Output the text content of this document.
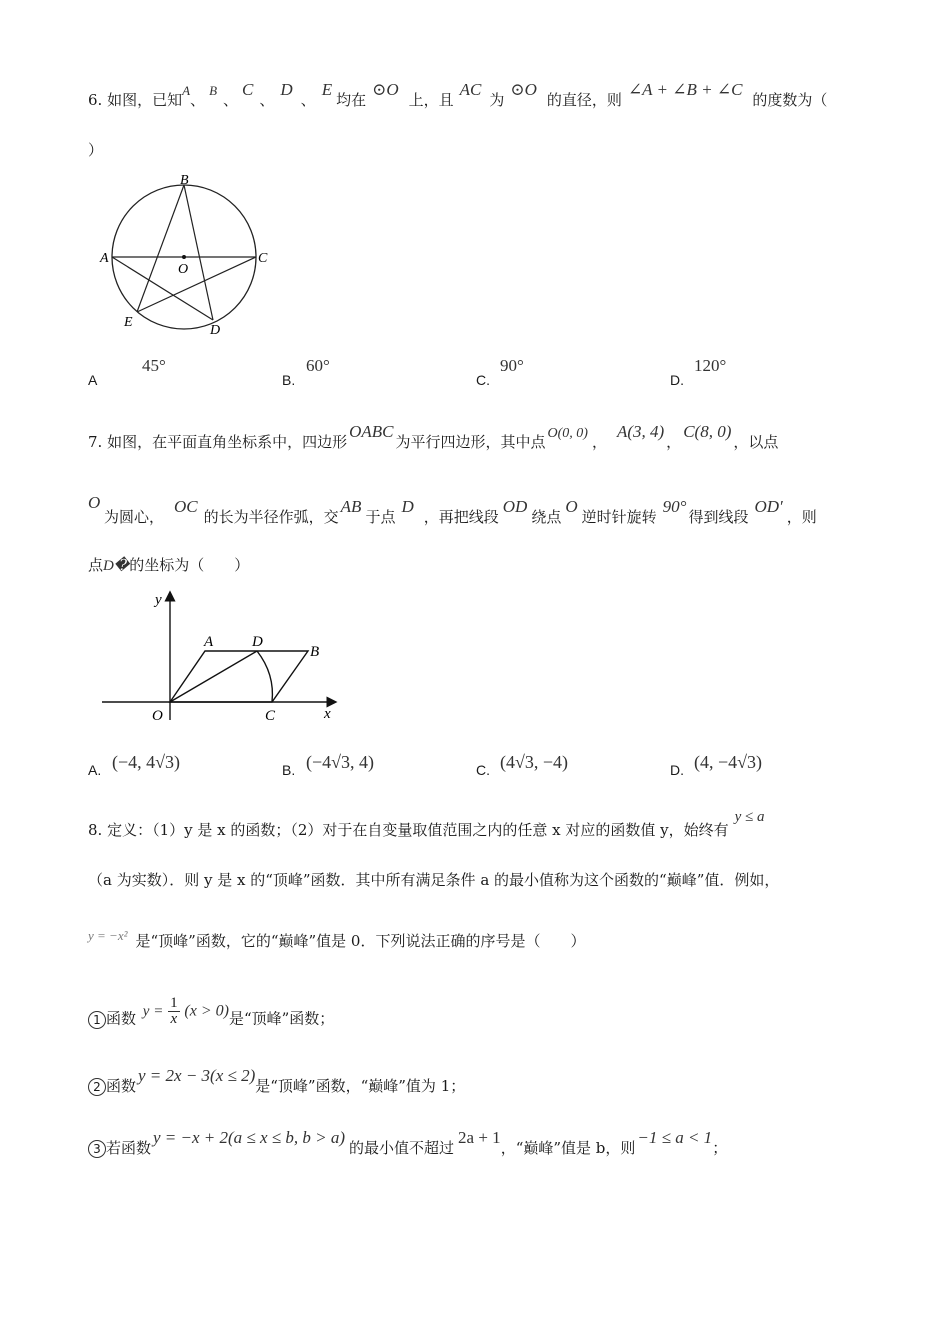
6. 如图，已知A、B、C、D、E均在⊙O上，且AC为⊙O的直径，则∠A + ∠B + ∠C的度数为（
）
B
A	C
O
E
D
A
45°
B.
60°
C.
90°
D.
120°
7. 如图，在平面直角坐标系中，四边形OABC为平行四边形，其中点 O(0, 0) ，A(3, 4)，C(8, 0)，以点
O
为圆心，OC的长为半径作弧，交AB于点D，再把线段OD绕点O逆时针旋转90°得到线段OD′，则
点D�的坐标为（　　）
y
x
A	D
B
O	C
A. (−4, 4√3)	B. (−4√3, 4)	C. (4√3, −4)	D. (4, −4√3)
8. 定义：（1）y 是 x 的函数；（2）对于在自变量取值范围之内的任意 x 对应的函数值 y，始终有y ≤ a
（a 为实数）．则 y 是 x 的“顶峰”函数．其中所有满足条件 a 的最小值称为这个函数的“巅峰”值．例如，
y = −x² 是“顶峰”函数，它的“巅峰”值是 0．下列说法正确的序号是（　　）
1 函数 $y = \frac{1}{x} (x > 0)$是“顶峰”函数；
2 函数y = 2x − 3(x ≤ 2)是“顶峰”函数，“巅峰”值为 1；
3 若函数y = −x + 2(a ≤ x ≤ b, b > a)的最小值不超过2a + 1，“巅峰”值是 b，则−1 ≤ a < 1；
